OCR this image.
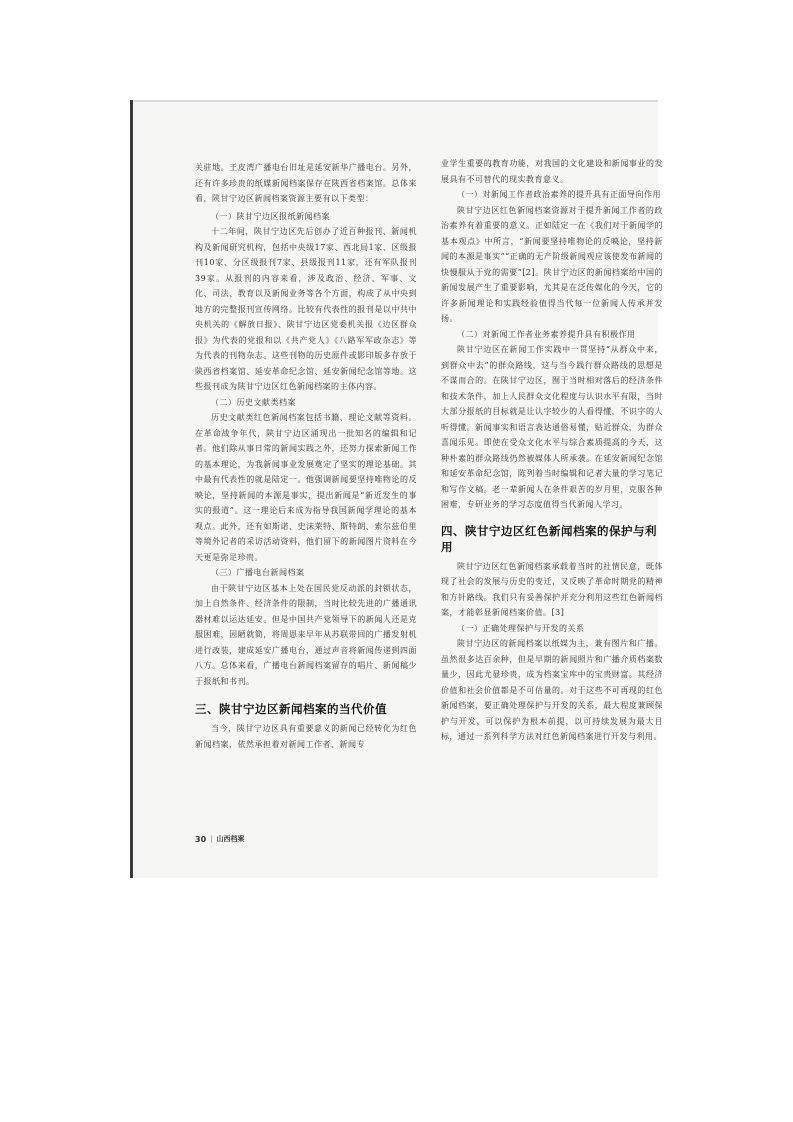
关驻地。王皮湾广播电台旧址是延安新华广播电台。另外，还有许多珍贵的纸媒新闻档案保存在陕西省档案馆。总体来看，陕甘宁边区新闻档案资源主要有以下类型：

（一）陕甘宁边区报纸新闻档案

十二年间，陕甘宁边区先后创办了近百种报刊、新闻机构及新闻研究机构，包括中央级17家、西北局1家、区级报刊10家、分区级报刊7家、县级报刊11家，还有军队报刊39家。从报刊的内容来看，涉及政治、经济、军事、文化、司法、教育以及新闻业务等各个方面，构成了从中央到地方的完整报刊宣传网络。比较有代表性的报刊是以中共中央机关的《解放日报》、陕甘宁边区党委机关报《边区群众报》为代表的党报和以《共产党人》《八路军军政杂志》等为代表的刊物杂志。这些刊物的历史原件或影印版多存放于陕西省档案馆、延安革命纪念馆、延安新闻纪念馆等地。这些报刊成为陕甘宁边区红色新闻档案的主体内容。

（二）历史文献类档案

历史文献类红色新闻档案包括书籍、理论文献等资料。在革命战争年代，陕甘宁边区涌现出一批知名的编辑和记者。他们除从事日常的新闻实践之外，还努力探索新闻工作的基本理论，为我新闻事业发展奠定了坚实的理论基础。其中最有代表性的就是陆定一。他强调新闻要坚持唯物论的反映论，坚持新闻的本源是事实，提出新闻是“新近发生的事实的报道”。这一理论后来成为指导我国新闻学理论的基本观点。此外，还有如斯诺、史沫莱特、斯特朗、索尔兹伯里等境外记者的采访活动资料，他们留下的新闻图片资料在今天更是弥足珍贵。

（三）广播电台新闻档案

由于陕甘宁边区基本上处在国民党反动派的封锁状态，加上自然条件、经济条件的限制，当时比较先进的广播通讯器材难以运达延安。但是中国共产党领导下的新闻人还是克服困难，因陋就简，将周恩来早年从苏联带回的广播发射机进行改装，建成延安广播电台，通过声音将新闻传递到四面八方。总体来看，广播电台新闻档案留存的唱片、新闻稿少于报纸和书刊。

三、陕甘宁边区新闻档案的当代价值

当今，陕甘宁边区具有重要意义的新闻已经转化为红色新闻档案，依然承担着对新闻工作者、新闻专

业学生重要的教育功能，对我国的文化建设和新闻事业的发展具有不可替代的现实教育意义。

（一）对新闻工作者政治素养的提升具有正面导向作用

陕甘宁边区红色新闻档案资源对于提升新闻工作者的政治素养有着重要的意义。正如陆定一在《我们对于新闻学的基本观点》中所言，“新闻要坚持唯物论的反映论，坚持新闻的本源是事实”“正确的无产阶级新闻观应该使发布新闻的快慢服从于党的需要”[2]。陕甘宁边区的新闻档案给中国的新闻发展产生了重要影响，尤其是在泛传媒化的今天，它的许多新闻理论和实践经验值得当代每一位新闻人传承并发扬。

（二）对新闻工作者业务素养提升具有积极作用

陕甘宁边区在新闻工作实践中一贯坚持“从群众中来，到群众中去”的群众路线，这与当今践行群众路线的思想是不谋而合的。在陕甘宁边区，囿于当时相对落后的经济条件和技术条件，加上人民群众文化程度与认识水平有限，当时大部分报纸的目标就是让认字较少的人看得懂，不识字的人听得懂。新闻事实和语言表达通俗易懂，贴近群众，为群众喜闻乐见。即使在受众文化水平与综合素质提高的今天，这种朴素的群众路线仍然被媒体人所承袭。在延安新闻纪念馆和延安革命纪念馆，陈列着当时编辑和记者大量的学习笔记和写作文稿。老一辈新闻人在条件艰苦的岁月里，克服各种困难，专研业务的学习态度值得当代新闻人学习。

四、陕甘宁边区红色新闻档案的保护与利用

陕甘宁边区红色新闻档案承载着当时的社情民意，既体现了社会的发展与历史的变迁，又反映了革命时期党的精神和方针路线。我们只有妥善保护并充分利用这些红色新闻档案，才能彰显新闻档案价值。[3]

（一）正确处理保护与开发的关系

陕甘宁边区的新闻档案以纸媒为主，兼有图片和广播。虽然很多达百余种，但是早期的新闻照片和广播介质档案数量少，因此尤显珍贵，成为档案宝库中的宝贵财富。其经济价值和社会价值都是不可估量的。对于这些不可再现的红色新闻档案，要正确处理保护与开发的关系，最大程度兼顾保护与开发，可以保护为根本前提，以可持续发展为最大目标，通过一系列科学方法对红色新闻档案进行开发与利用。

30 | 山西档案
